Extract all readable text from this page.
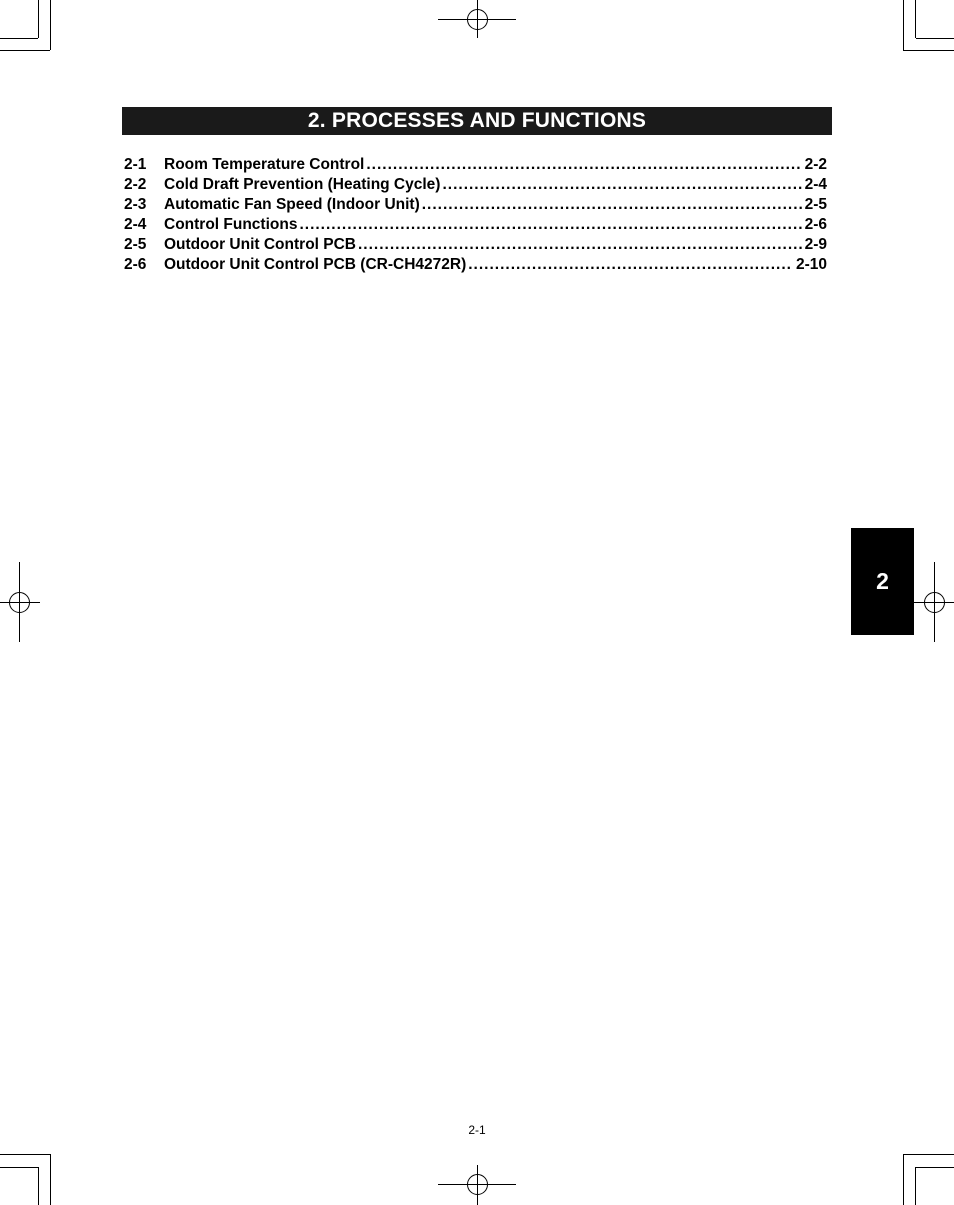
2. PROCESSES AND FUNCTIONS
2-1	Room Temperature Control .....	2-2
2-2	Cold Draft Prevention (Heating Cycle) .....	2-4
2-3	Automatic Fan Speed (Indoor Unit) .....	2-5
2-4	Control Functions .....	2-6
2-5	Outdoor Unit Control PCB .....	2-9
2-6	Outdoor Unit Control PCB (CR-CH4272R) .....	2-10
2
2-1
